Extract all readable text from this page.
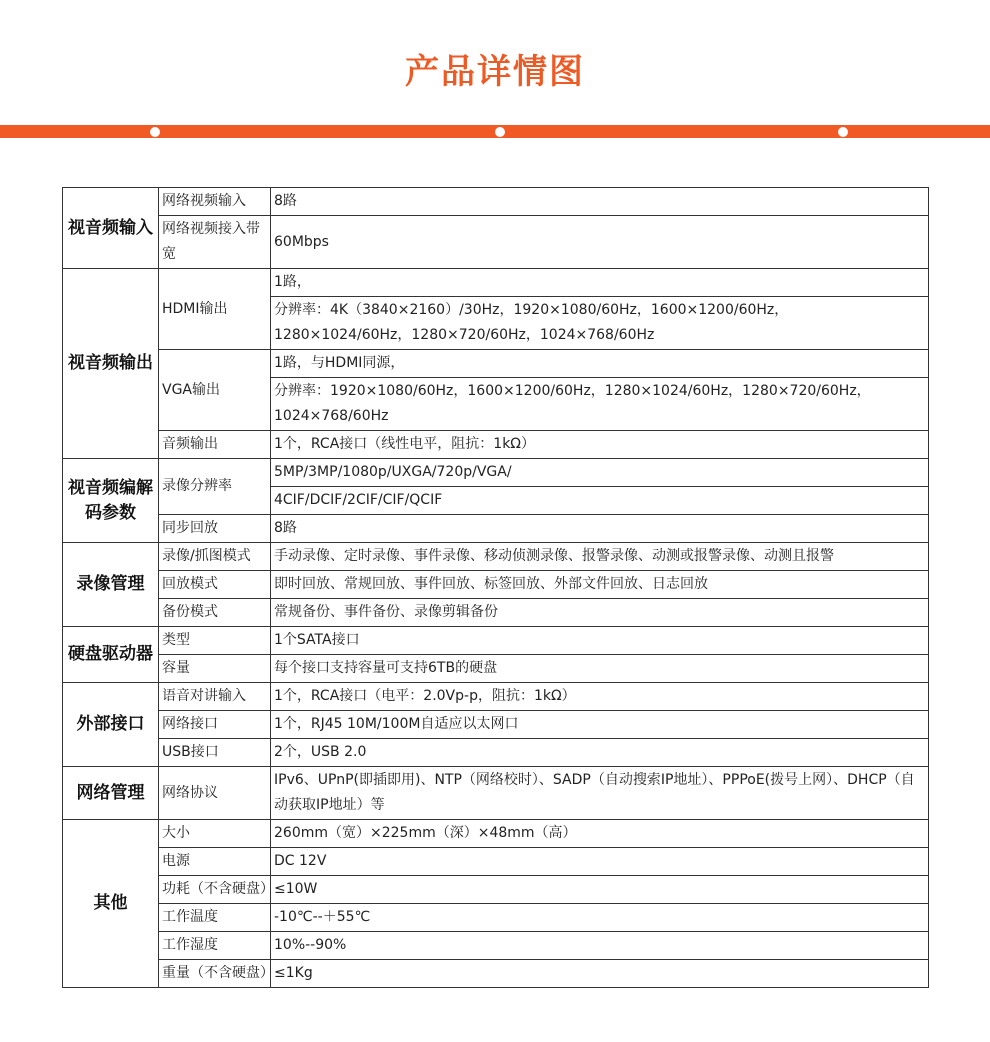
产品详情图
视音频输入	网络视频输入	8路
	网络视频接入带宽	60Mbps
视音频输出	HDMI输出	1路，
		分辨率：4K（3840×2160）/30Hz，1920×1080/60Hz，1600×1200/60Hz，1280×1024/60Hz，1280×720/60Hz，1024×768/60Hz
	VGA输出	1路，与HDMI同源，
		分辨率：1920×1080/60Hz，1600×1200/60Hz，1280×1024/60Hz，1280×720/60Hz，1024×768/60Hz
	音频输出	1个，RCA接口（线性电平，阻抗：1kΩ）
视音频编解码参数	录像分辨率	5MP/3MP/1080p/UXGA/720p/VGA/
		4CIF/DCIF/2CIF/CIF/QCIF
	同步回放	8路
录像管理	录像/抓图模式	手动录像、定时录像、事件录像、移动侦测录像、报警录像、动测或报警录像、动测且报警
	回放模式	即时回放、常规回放、事件回放、标签回放、外部文件回放、日志回放
	备份模式	常规备份、事件备份、录像剪辑备份
硬盘驱动器	类型	1个SATA接口
	容量	每个接口支持容量可支持6TB的硬盘
外部接口	语音对讲输入	1个，RCA接口（电平：2.0Vp-p，阻抗：1kΩ）
	网络接口	1个，RJ45 10M/100M自适应以太网口
	USB接口	2个，USB 2.0
网络管理	网络协议	IPv6、UPnP(即插即用)、NTP（网络校时）、SADP（自动搜索IP地址）、PPPoE(拨号上网）、DHCP（自动获取IP地址）等
其他	大小	260mm（宽）×225mm（深）×48mm（高）
	电源	DC 12V
	功耗（不含硬盘）	≤10W
	工作温度	-10℃--＋55℃
	工作湿度	10%--90%
	重量（不含硬盘）	≤1Kg
